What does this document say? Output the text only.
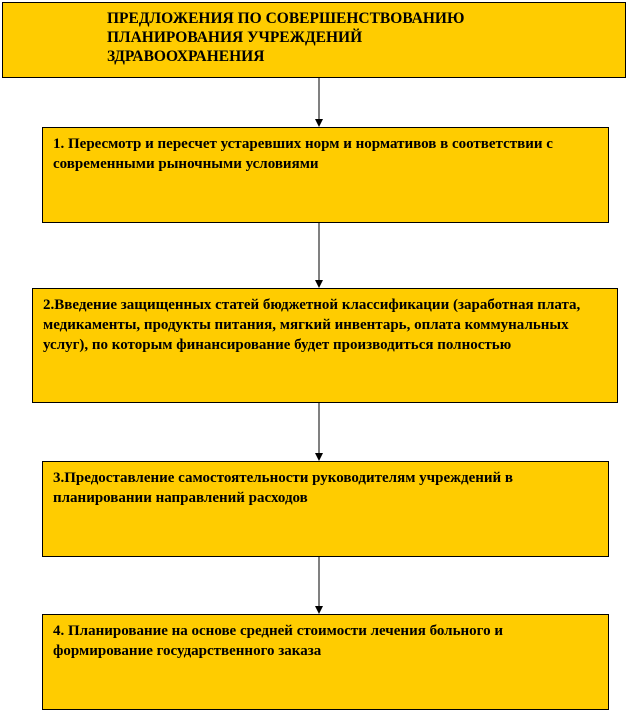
ПРЕДЛОЖЕНИЯ ПО СОВЕРШЕНСТВОВАНИЮ
ПЛАНИРОВАНИЯ УЧРЕЖДЕНИЙ
ЗДРАВООХРАНЕНИЯ
1. Пересмотр и пересчет устаревших норм и нормативов в соответствии с современными рыночными условиями
2.Введение защищенных статей бюджетной классификации (заработная плата, медикаменты, продукты питания, мягкий инвентарь, оплата коммунальных услуг), по которым финансирование будет производиться полностью
3.Предоставление самостоятельности руководителям учреждений в планировании направлений расходов
4. Планирование на основе средней стоимости лечения больного и формирование государственного заказа
